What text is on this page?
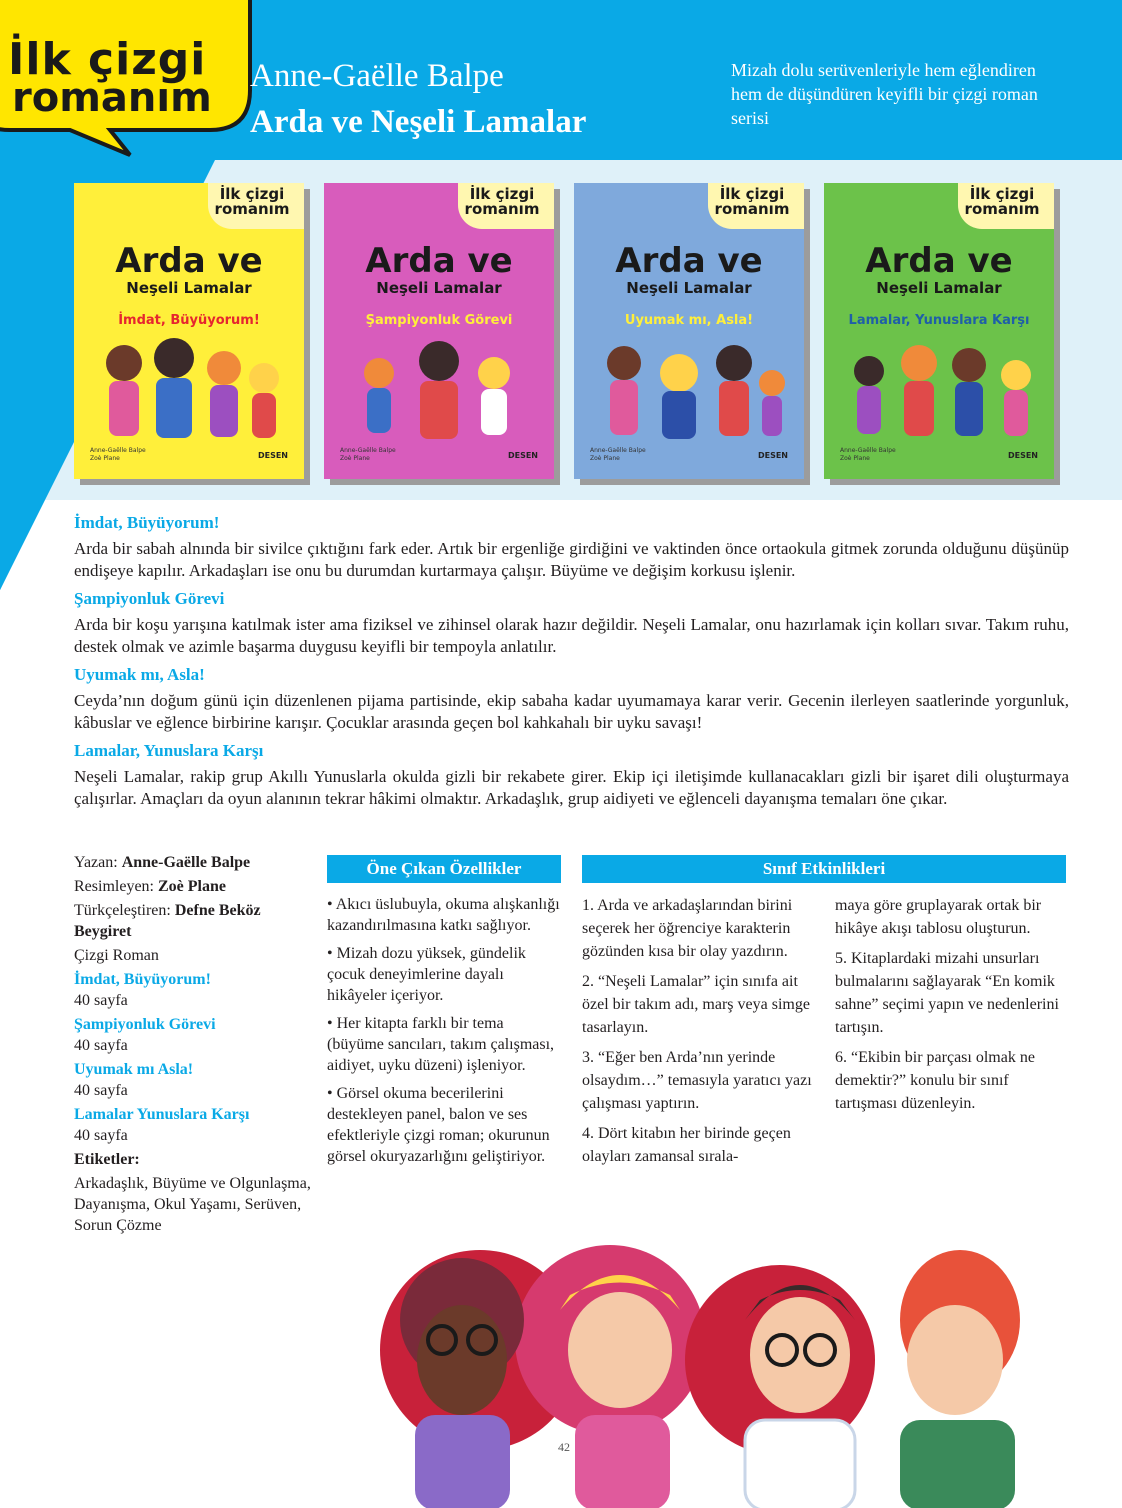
İlk çizgi
romanım Anne-Gaëlle Balpe
Arda ve Neşeli Lamalar
Mizah dolu serüvenleriyle hem eğlendiren hem de düşündüren keyifli bir çizgi roman serisi
İlk çizgi romanım
Arda ve
Neşeli Lamalar
İmdat, Büyüyorum!
Anne-Gaëlle Balpe
Zoè Plane	DESEN
İlk çizgi romanım
Arda ve
Neşeli Lamalar
Şampiyonluk Görevi
Anne-Gaëlle Balpe
Zoè Plane	DESEN
İlk çizgi romanım
Arda ve
Neşeli Lamalar
Uyumak mı, Asla!
Anne-Gaëlle Balpe
Zoè Plane	DESEN
İlk çizgi romanım
Arda ve
Neşeli Lamalar
Lamalar, Yunuslara Karşı
Anne-Gaëlle Balpe
Zoè Plane	DESEN
İmdat, Büyüyorum!

Arda bir sabah alnında bir sivilce çıktığını fark eder. Artık bir ergenliğe girdiğini ve vaktinden önce ortaokula gitmek zorunda olduğunu düşünüp endişeye kapılır. Arkadaşları ise onu bu durumdan kurtarmaya çalışır. Büyüme ve değişim korkusu işlenir.

Şampiyonluk Görevi

Arda bir koşu yarışına katılmak ister ama fiziksel ve zihinsel olarak hazır değildir. Neşeli Lamalar, onu hazırlamak için kolları sıvar. Takım ruhu, destek olmak ve azimle başarma duygusu keyifli bir tempoyla anlatılır.

Uyumak mı, Asla!

Ceyda’nın doğum günü için düzenlenen pijama partisinde, ekip sabaha kadar uyumamaya karar verir. Gecenin ilerleyen saatlerinde yorgunluk, kâbuslar ve eğlence birbirine karışır. Çocuklar arasında geçen bol kahkahalı bir uyku savaşı!

Lamalar, Yunuslara Karşı

Neşeli Lamalar, rakip grup Akıllı Yunuslarla okulda gizli bir rekabete girer. Ekip içi iletişimde kullanacakları gizli bir işaret dili oluşturmaya çalışırlar. Amaçları da oyun alanının tekrar hâkimi olmaktır. Arkadaşlık, grup aidiyeti ve eğlenceli dayanışma temaları öne çıkar.

Yazan: Anne-Gaëlle Balpe
Resimleyen: Zoè Plane
Türkçeleştiren: Defne Beköz Beygiret
Çizgi Roman
İmdat, Büyüyorum!
40 sayfa
Şampiyonluk Görevi
40 sayfa
Uyumak mı Asla!
40 sayfa
Lamalar Yunuslara Karşı
40 sayfa
Etiketler:
Arkadaşlık, Büyüme ve Olgunlaşma, Dayanışma, Okul Yaşamı, Serüven, Sorun Çözme
Öne Çıkan Özellikler

• Akıcı üslubuyla, okuma alışkanlığı kazandırılmasına katkı sağlıyor.

• Mizah dozu yüksek, gündelik çocuk deneyimlerine dayalı hikâyeler içeriyor.

• Her kitapta farklı bir tema (büyüme sancıları, takım çalışması, aidiyet, uyku düzeni) işleniyor.

• Görsel okuma becerilerini destekleyen panel, balon ve ses efektleriyle çizgi roman; okurunun görsel okuryazarlığını geliştiriyor.

Sınıf Etkinlikleri

1. Arda ve arkadaşlarından birini seçerek her öğrenciye karakterin gözünden kısa bir olay yazdırın.

2. “Neşeli Lamalar” için sınıfa ait özel bir takım adı, marş veya simge tasarlayın.

3. “Eğer ben Arda’nın yerinde olsaydım…” temasıyla yaratıcı yazı çalışması yaptırın.

4. Dört kitabın her birinde geçen olayları zamansal sırala-

maya göre gruplayarak ortak bir hikâye akışı tablosu oluşturun.

5. Kitaplardaki mizahi unsurları bulmalarını sağlayarak “En komik sahne” seçimi yapın ve nedenlerini tartışın.

6. “Ekibin bir parçası olmak ne demektir?” konulu bir sınıf tartışması düzenleyin.

42
